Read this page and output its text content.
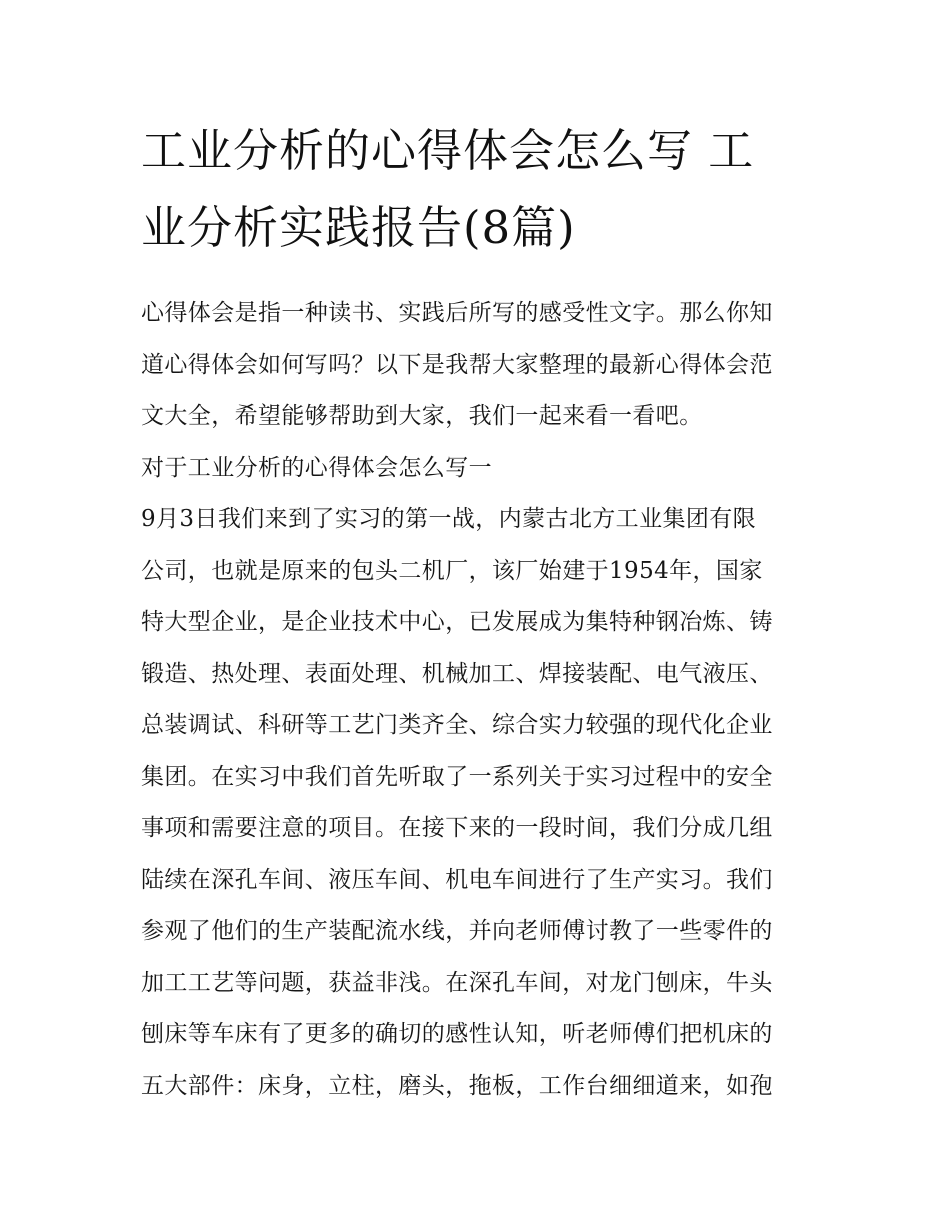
工业分析的心得体会怎么写 工
业分析实践报告(8篇)
心得体会是指一种读书、实践后所写的感受性文字。那么你知
道心得体会如何写吗？以下是我帮大家整理的最新心得体会范
文大全，希望能够帮助到大家，我们一起来看一看吧。
对于工业分析的心得体会怎么写一
9月3日我们来到了实习的第一战，内蒙古北方工业集团有限
公司，也就是原来的包头二机厂，该厂始建于1954年，国家
特大型企业，是企业技术中心，已发展成为集特种钢冶炼、铸
锻造、热处理、表面处理、机械加工、焊接装配、电气液压、
总装调试、科研等工艺门类齐全、综合实力较强的现代化企业
集团。在实习中我们首先听取了一系列关于实习过程中的安全
事项和需要注意的项目。在接下来的一段时间，我们分成几组
陆续在深孔车间、液压车间、机电车间进行了生产实习。我们
参观了他们的生产装配流水线，并向老师傅讨教了一些零件的
加工工艺等问题，获益非浅。在深孔车间，对龙门刨床，牛头
刨床等车床有了更多的确切的感性认知，听老师傅们把机床的
五大部件：床身，立柱，磨头，拖板，工作台细细道来，如孢
